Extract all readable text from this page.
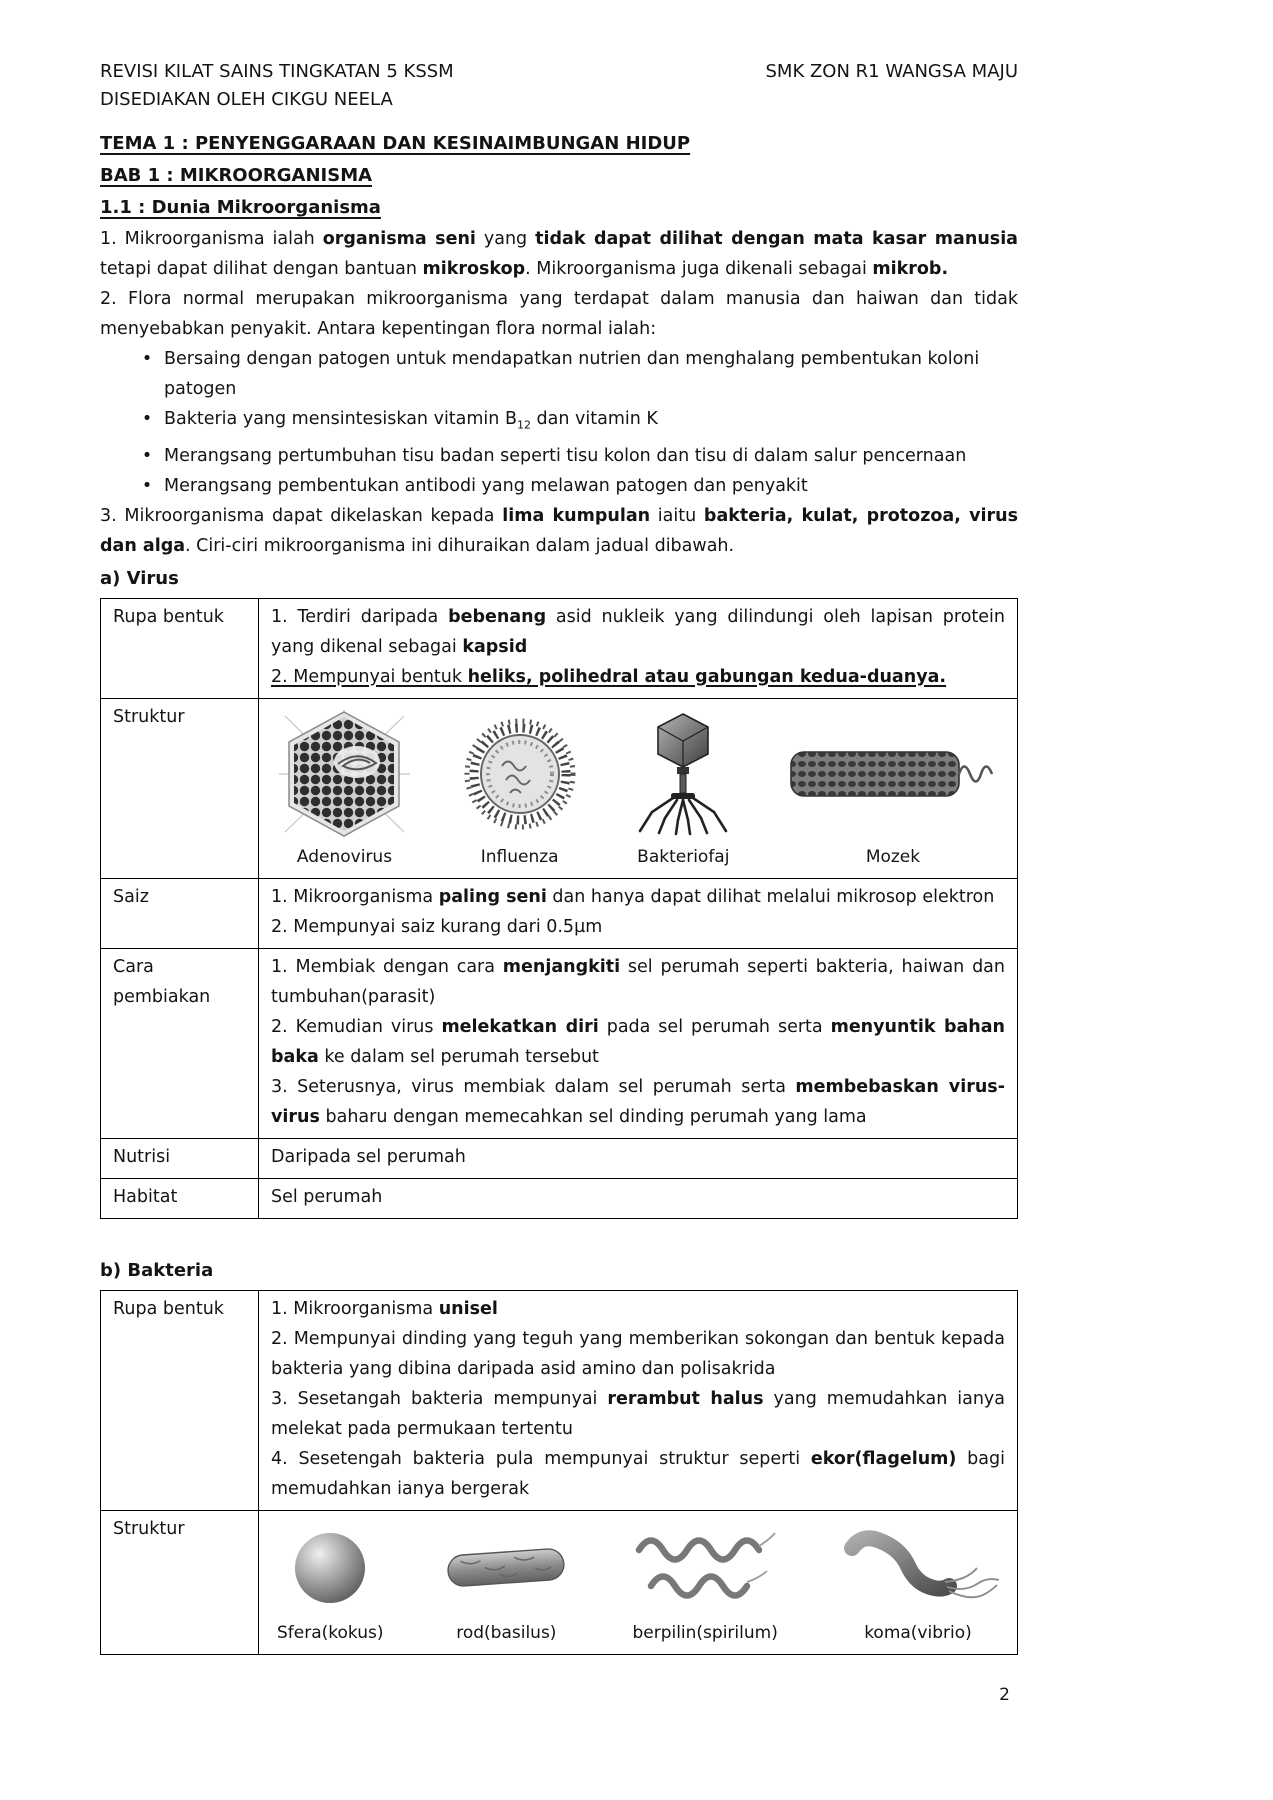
REVISI KILAT SAINS TINGKATAN 5 KSSM	SMK ZON R1 WANGSA MAJU
DISEDIAKAN OLEH CIKGU NEELA
TEMA 1 : PENYENGGARAAN DAN KESINAIMBUNGAN HIDUP
BAB 1 : MIKROORGANISMA
1.1 : Dunia Mikroorganisma

1. Mikroorganisma ialah organisma seni yang tidak dapat dilihat dengan mata kasar manusia tetapi dapat dilihat dengan bantuan mikroskop. Mikroorganisma juga dikenali sebagai mikrob.

2. Flora normal merupakan mikroorganisma yang terdapat dalam manusia dan haiwan dan tidak menyebabkan penyakit. Antara kepentingan flora normal ialah:

• Bersaing dengan patogen untuk mendapatkan nutrien dan menghalang pembentukan koloni patogen
• Bakteria yang mensintesiskan vitamin $B_{12}$ dan vitamin K
• Merangsang pertumbuhan tisu badan seperti tisu kolon dan tisu di dalam salur pencernaan
• Merangsang pembentukan antibodi yang melawan patogen dan penyakit

3. Mikroorganisma dapat dikelaskan kepada lima kumpulan iaitu bakteria, kulat, protozoa, virus dan alga. Ciri-ciri mikroorganisma ini dihuraikan dalam jadual dibawah.

a) Virus

Rupa bentuk	1. Terdiri daripada bebenang asid nukleik yang dilindungi oleh lapisan protein yang dikenal sebagai kapsid
2. Mempunyai bentuk heliks, polihedral atau gabungan kedua-duanya.

Struktur	Adenovirus Influenza Bakteriofaj Mozek

Saiz	1. Mikroorganisma paling seni dan hanya dapat dilihat melalui mikrosop elektron
2. Mempunyai saiz kurang dari 0.5µm

Cara pembiakan	1. Membiak dengan cara menjangkiti sel perumah seperti bakteria, haiwan dan tumbuhan(parasit)
2. Kemudian virus melekatkan diri pada sel perumah serta menyuntik bahan baka ke dalam sel perumah tersebut
3. Seterusnya, virus membiak dalam sel perumah serta membebaskan virus-virus baharu dengan memecahkan sel dinding perumah yang lama

Nutrisi	Daripada sel perumah

Habitat	Sel perumah

b) Bakteria

Rupa bentuk	1. Mikroorganisma unisel
2. Mempunyai dinding yang teguh yang memberikan sokongan dan bentuk kepada bakteria yang dibina daripada asid amino dan polisakrida
3. Sesetangah bakteria mempunyai rerambut halus yang memudahkan ianya melekat pada permukaan tertentu
4. Sesetengah bakteria pula mempunyai struktur seperti ekor(flagelum) bagi memudahkan ianya bergerak

Struktur	Sfera(kokus) rod(basilus) berpilin(spirilum) koma(vibrio)
2
